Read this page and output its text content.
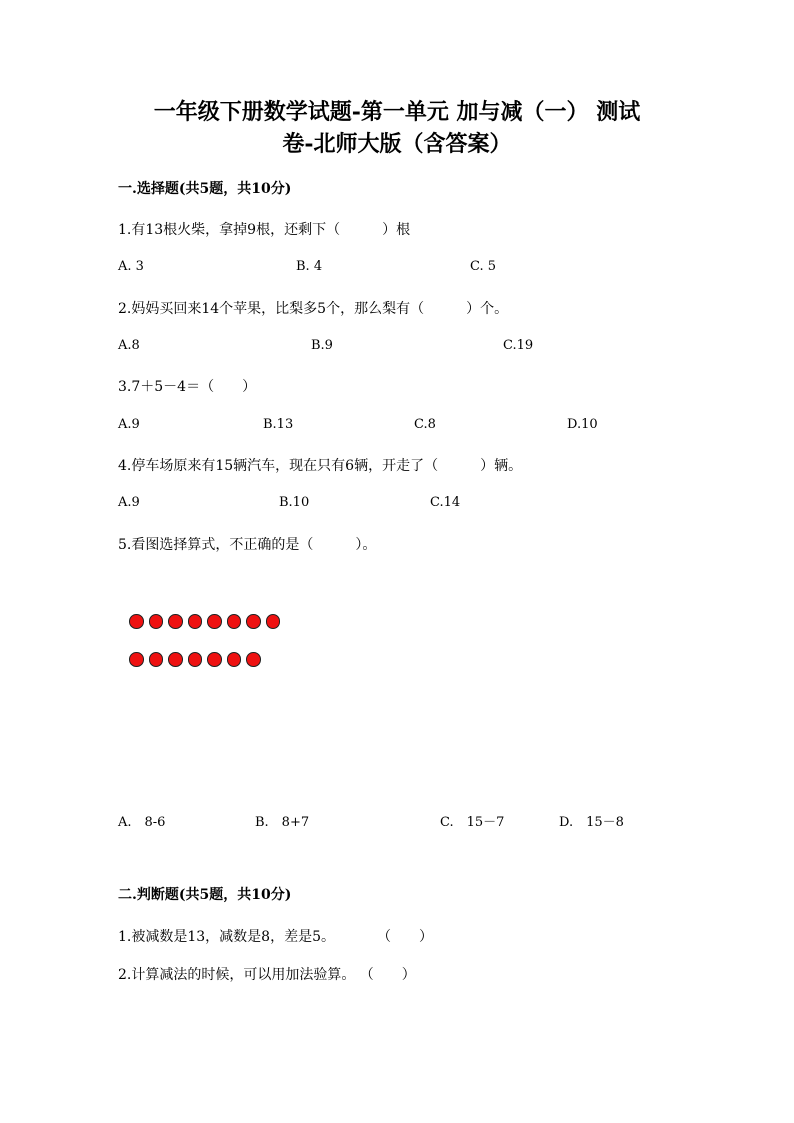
一年级下册数学试题-第一单元 加与减（一） 测试
卷-北师大版（含答案）
一.选择题(共5题，共10分)
1.有13根火柴，拿掉9根，还剩下（　　　）根
A. 3	B. 4	C. 5
2.妈妈买回来14个苹果，比梨多5个，那么梨有（　　　）个。
A.8	B.9	C.19
3.7＋5－4＝（　　）
A.9	B.13	C.8	D.10
4.停车场原来有15辆汽车，现在只有6辆，开走了（　　　）辆。
A.9	B.10	C.14
5.看图选择算式，不正确的是（　　　）。
A.　8-6	B.　8+7	C.　15－7	D.　15－8
二.判断题(共5题，共10分)
1.被减数是13，减数是8，差是5。　　　　（　　）
2.计算减法的时候，可以用加法验算。 （　　）
